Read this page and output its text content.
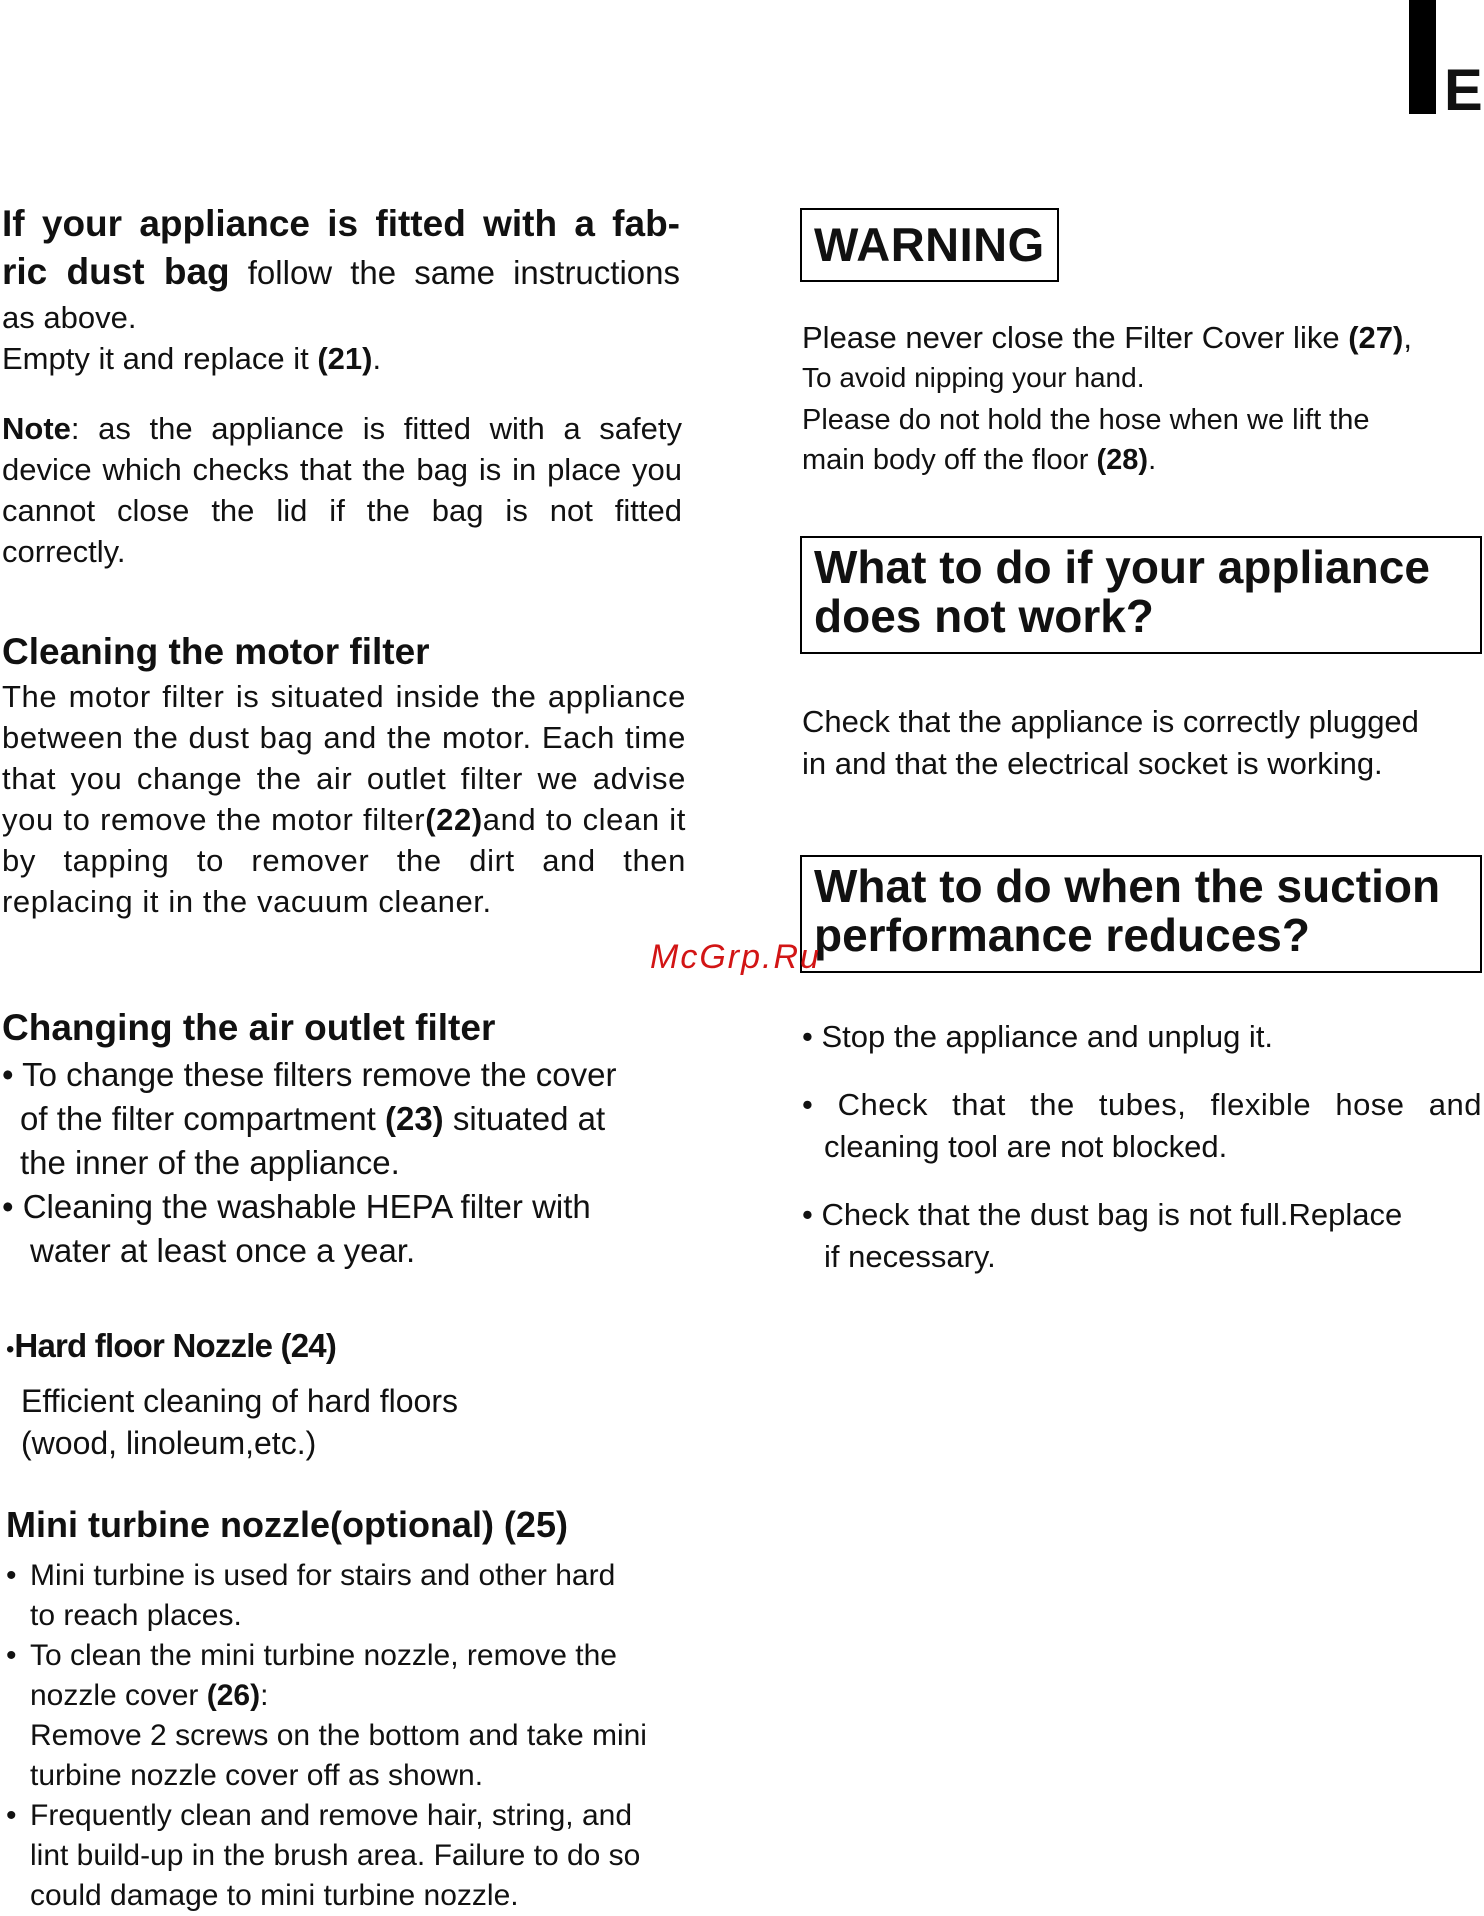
E
If your appliance is fitted with a fab-
ric dust bag follow the same instructions
as above.
Empty it and replace it (21).
Note: as the appliance is fitted with a safety device which checks that the bag is in place you cannot close the lid if the bag is not fitted correctly.
Cleaning the motor filter
The motor filter is situated inside the appliance between the dust bag and the motor. Each time that you change the air outlet filter we advise you to remove the motor filter(22)and to clean it by tapping to remover the dirt and then replacing it in the vacuum cleaner.
Changing the air outlet filter
• To change these filters remove the cover
of the filter compartment (23) situated at
the inner of the appliance.
• Cleaning the washable HEPA filter with
water at least once a year.
•Hard floor Nozzle (24)
Efficient cleaning of hard floors
(wood, linoleum,etc.)
Mini turbine nozzle(optional) (25)
• Mini turbine is used for stairs and other hard
to reach places.
• To clean the mini turbine nozzle, remove the
nozzle cover (26):
Remove 2 screws on the bottom and take mini
turbine nozzle cover off as shown.
• Frequently clean and remove hair, string, and
lint build-up in the brush area. Failure to do so
could damage to mini turbine nozzle.
WARNING
Please never close the Filter Cover like (27),
To avoid nipping your hand.
Please do not hold the hose when we lift the
main body off the floor (28).
What to do if your appliance
does not work?
Check that the appliance is correctly plugged
in and that the electrical socket is working.
What to do when the suction
performance reduces?
McGrp.Ru
• Stop the appliance and unplug it.
• Check that the tubes, flexible hose and
cleaning tool are not blocked.
• Check that the dust bag is not full.Replace
if necessary.
